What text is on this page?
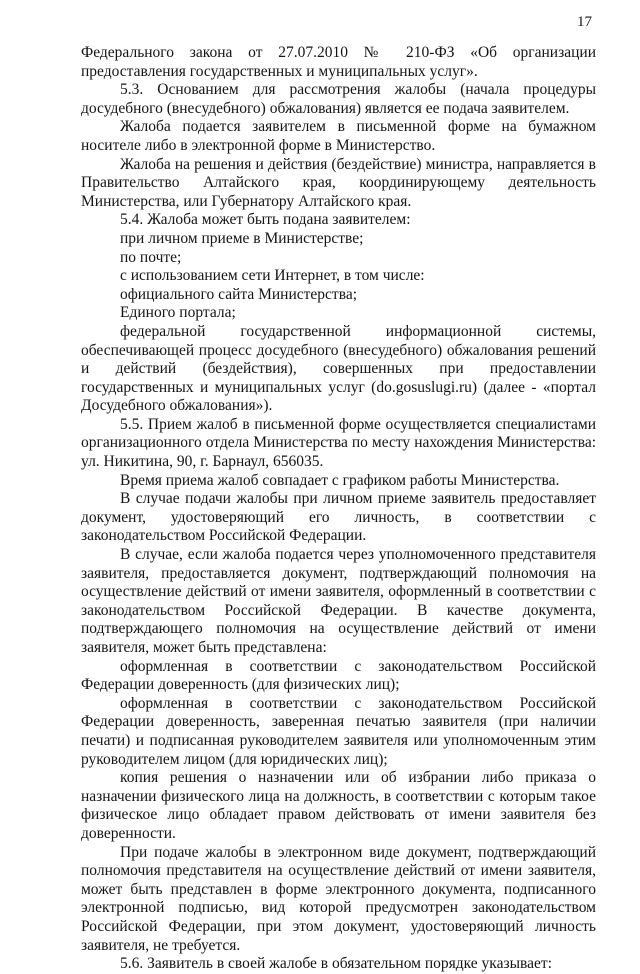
17

Федерального закона от 27.07.2010 № 210-ФЗ «Об организации предоставления государственных и муниципальных услуг».

5.3. Основанием для рассмотрения жалобы (начала процедуры досудебного (внесудебного) обжалования) является ее подача заявителем.

Жалоба подается заявителем в письменной форме на бумажном носителе либо в электронной форме в Министерство.

Жалоба на решения и действия (бездействие) министра, направляется в Правительство Алтайского края, координирующему деятельность Министерства, или Губернатору Алтайского края.

5.4. Жалоба может быть подана заявителем:

при личном приеме в Министерстве;

по почте;

с использованием сети Интернет, в том числе:

официального сайта Министерства;

Единого портала;

федеральной государственной информационной системы, обеспечивающей процесс досудебного (внесудебного) обжалования решений и действий (бездействия), совершенных при предоставлении государственных и муниципальных услуг (do.gosuslugi.ru) (далее - «портал Досудебного обжалования»).

5.5. Прием жалоб в письменной форме осуществляется специалистами организационного отдела Министерства по месту нахождения Министерства: ул. Никитина, 90, г. Барнаул, 656035.

Время приема жалоб совпадает с графиком работы Министерства.

В случае подачи жалобы при личном приеме заявитель предоставляет документ, удостоверяющий его личность, в соответствии с законодательством Российской Федерации.

В случае, если жалоба подается через уполномоченного представителя заявителя, предоставляется документ, подтверждающий полномочия на осуществление действий от имени заявителя, оформленный в соответствии с законодательством Российской Федерации. В качестве документа, подтверждающего полномочия на осуществление действий от имени заявителя, может быть представлена:

оформленная в соответствии с законодательством Российской Федерации доверенность (для физических лиц);

оформленная в соответствии с законодательством Российской Федерации доверенность, заверенная печатью заявителя (при наличии печати) и подписанная руководителем заявителя или уполномоченным этим руководителем лицом (для юридических лиц);

копия решения о назначении или об избрании либо приказа о назначении физического лица на должность, в соответствии с которым такое физическое лицо обладает правом действовать от имени заявителя без доверенности.

При подаче жалобы в электронном виде документ, подтверждающий полномочия представителя на осуществление действий от имени заявителя, может быть представлен в форме электронного документа, подписанного электронной подписью, вид которой предусмотрен законодательством Российской Федерации, при этом документ, удостоверяющий личность заявителя, не требуется.

5.6. Заявитель в своей жалобе в обязательном порядке указывает:
